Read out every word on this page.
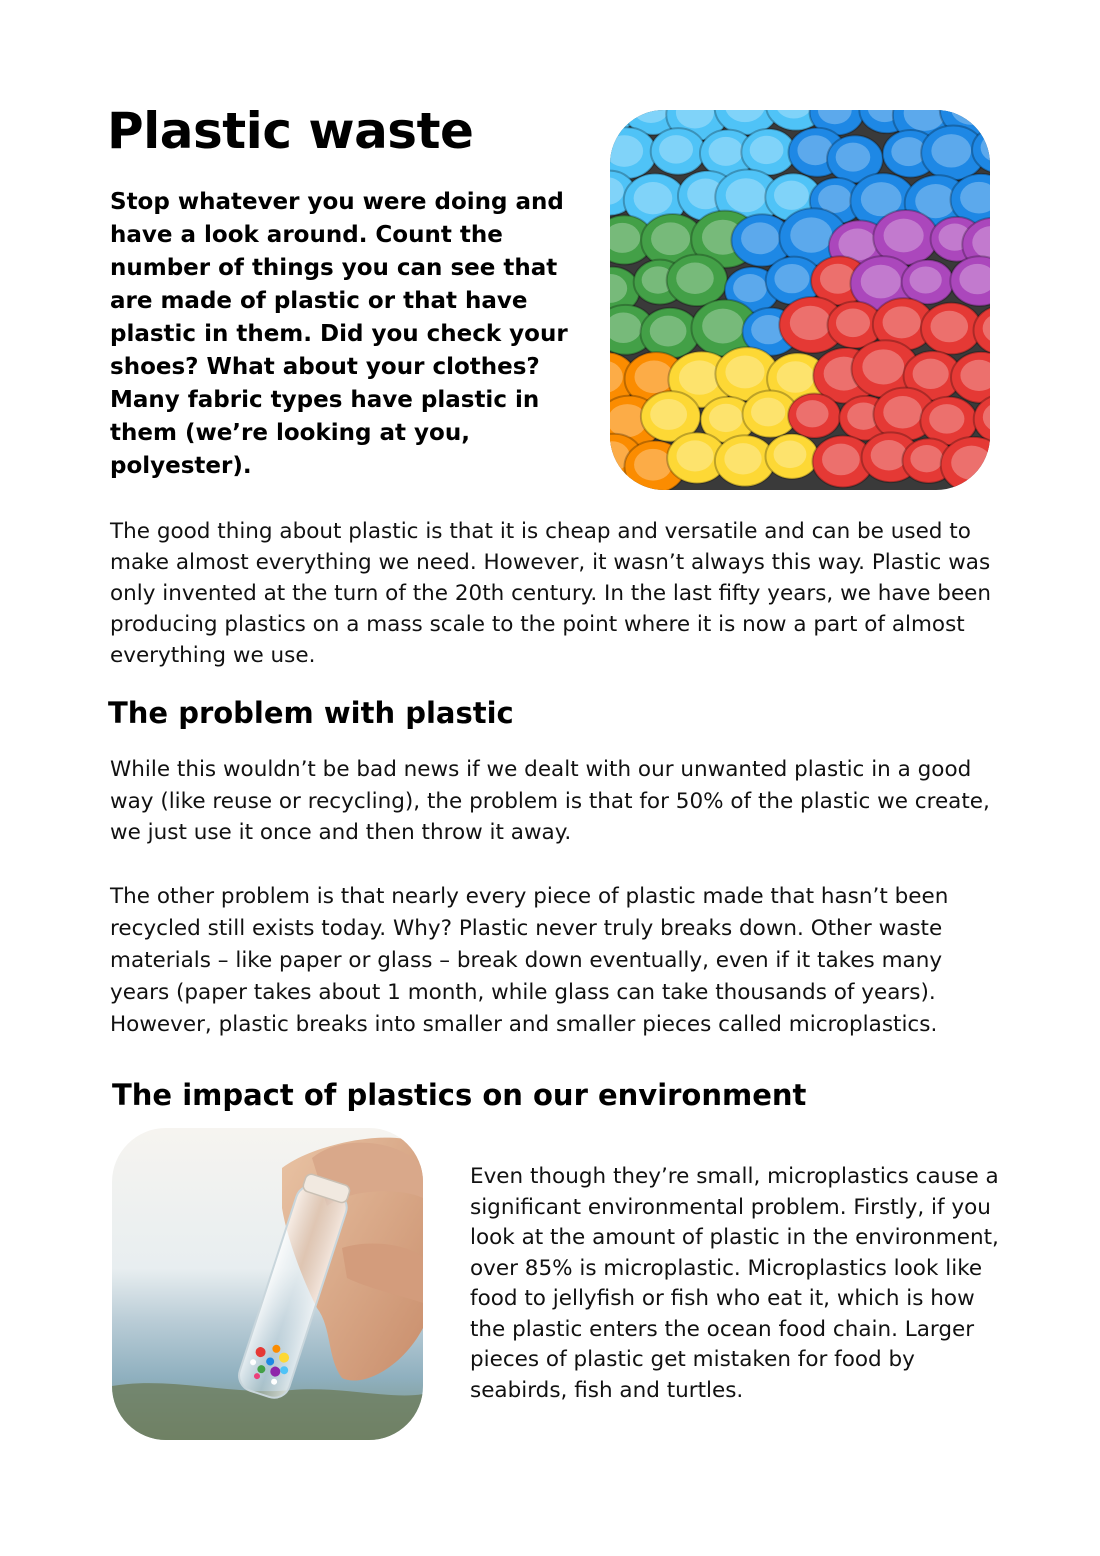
Plastic waste

Stop whatever you were doing and have a look around. Count the number of things you can see that are made of plastic or that have plastic in them. Did you check your shoes? What about your clothes? Many fabric types have plastic in them (we’re looking at you, polyester).

The good thing about plastic is that it is cheap and versatile and can be used to make almost everything we need. However, it wasn’t always this way. Plastic was only invented at the turn of the 20th century. In the last fifty years, we have been producing plastics on a mass scale to the point where it is now a part of almost everything we use.

The problem with plastic

While this wouldn’t be bad news if we dealt with our unwanted plastic in a good way (like reuse or recycling), the problem is that for 50% of the plastic we create, we just use it once and then throw it away.

The other problem is that nearly every piece of plastic made that hasn’t been recycled still exists today. Why? Plastic never truly breaks down. Other waste materials – like paper or glass – break down eventually, even if it takes many years (paper takes about 1 month, while glass can take thousands of years). However, plastic breaks into smaller and smaller pieces called microplastics.

The impact of plastics on our environment

Even though they’re small, microplastics cause a significant environmental problem. Firstly, if you look at the amount of plastic in the environment, over 85% is microplastic. Microplastics look like food to jellyfish or fish who eat it, which is how the plastic enters the ocean food chain. Larger pieces of plastic get mistaken for food by seabirds, fish and turtles.
